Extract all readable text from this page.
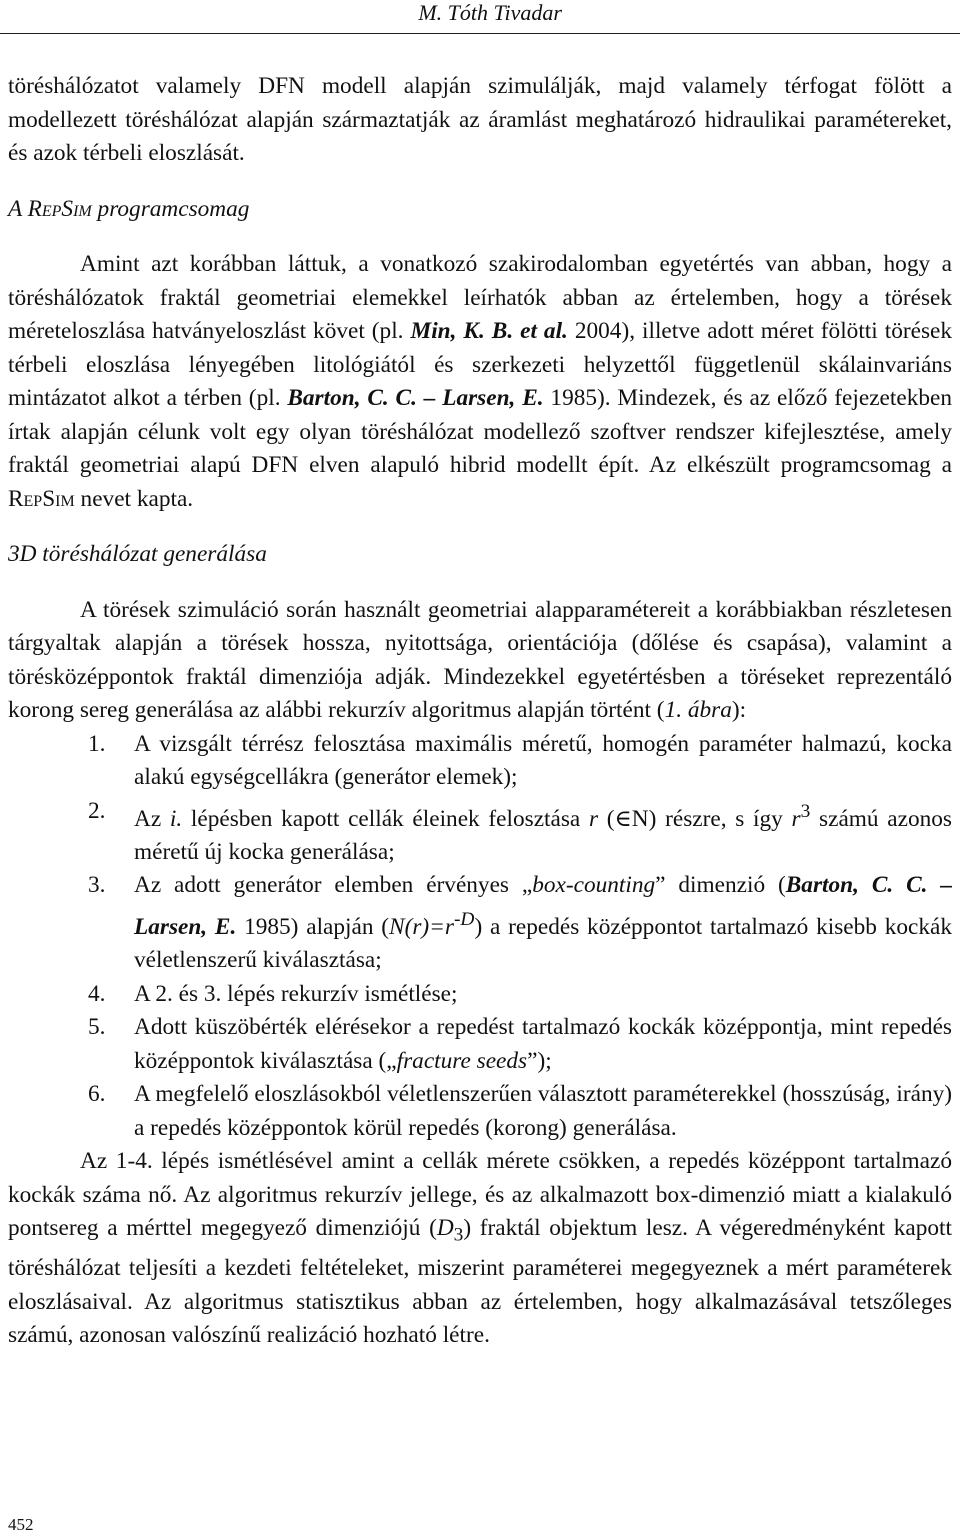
M. Tóth Tivadar

töréshálózatot valamely DFN modell alapján szimulálják, majd valamely térfogat fölött a modellezett töréshálózat alapján származtatják az áramlást meghatározó hidraulikai paramétereket, és azok térbeli eloszlását.

A RepSim programcsomag

Amint azt korábban láttuk, a vonatkozó szakirodalomban egyetértés van abban, hogy a töréshálózatok fraktál geometriai elemekkel leírhatók abban az értelemben, hogy a törések méreteloszlása hatványeloszlást követ (pl. Min, K. B. et al. 2004), illetve adott méret fölötti törések térbeli eloszlása lényegében litológiától és szerkezeti helyzettől függetlenül skálainvariáns mintázatot alkot a térben (pl. Barton, C. C. – Larsen, E. 1985). Mindezek, és az előző fejezetekben írtak alapján célunk volt egy olyan töréshálózat modellező szoftver rendszer kifejlesztése, amely fraktál geometriai alapú DFN elven alapuló hibrid modellt épít. Az elkészült programcsomag a RepSim nevet kapta.

3D töréshálózat generálása

A törések szimuláció során használt geometriai alapparamétereit a korábbiakban részletesen tárgyaltak alapján a törések hossza, nyitottsága, orientációja (dőlése és csapása), valamint a törésközéppontok fraktál dimenziója adják. Mindezekkel egyetértésben a töréseket reprezentáló korong sereg generálása az alábbi rekurzív algoritmus alapján történt (1. ábra):

1. A vizsgált térrész felosztása maximális méretű, homogén paraméter halmazú, kocka alakú egységcellákra (generátor elemek);
2. Az i. lépésben kapott cellák éleinek felosztása r (∈N) részre, s így $r^3$ számú azonos méretű új kocka generálása;
3. Az adott generátor elemben érvényes „box-counting” dimenzió (Barton, C. C. – Larsen, E. 1985) alapján $(N(r)=r^{-D})$ a repedés középpontot tartalmazó kisebb kockák véletlenszerű kiválasztása;
4. A 2. és 3. lépés rekurzív ismétlése;
5. Adott küszöbérték elérésekor a repedést tartalmazó kockák középpontja, mint repedés középpontok kiválasztása („fracture seeds”);
6. A megfelelő eloszlásokból véletlenszerűen választott paraméterekkel (hosszúság, irány) a repedés középpontok körül repedés (korong) generálása.

Az 1-4. lépés ismétlésével amint a cellák mérete csökken, a repedés középpont tartalmazó kockák száma nő. Az algoritmus rekurzív jellege, és az alkalmazott box-dimenzió miatt a kialakuló pontsereg a mérttel megegyező dimenziójú $(D_3)$ fraktál objektum lesz. A végeredményként kapott töréshálózat teljesíti a kezdeti feltételeket, miszerint paraméterei megegyeznek a mért paraméterek eloszlásaival. Az algoritmus statisztikus abban az értelemben, hogy alkalmazásával tetszőleges számú, azonosan valószínű realizáció hozható létre.

452
